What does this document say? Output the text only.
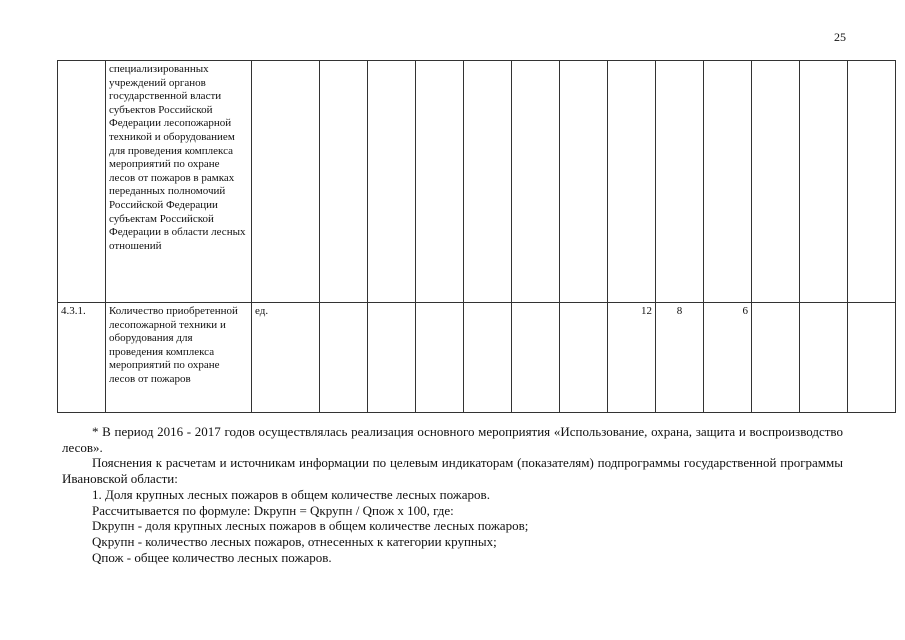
25
	специализированных учреждений органов государственной власти субъектов Российской Федерации лесопожарной техникой и оборудованием для проведения комплекса мероприятий по охране лесов от пожаров в рамках переданных полномочий Российской Федерации субъектам Российской Федерации в области лесных отношений													
4.3.1.	Количество приобретенной лесопожарной техники и оборудования для проведения комплекса мероприятий по охране лесов от пожаров	ед.							12	8	6			

* В период 2016 - 2017 годов осуществлялась реализация основного мероприятия «Использование, охрана, защита и воспроизводство лесов».

Пояснения к расчетам и источникам информации по целевым индикаторам (показателям) подпрограммы государственной программы Ивановской области:

1. Доля крупных лесных пожаров в общем количестве лесных пожаров.

Рассчитывается по формуле: Dкрупн = Qкрупн / Qпож x 100, где:

Dкрупн - доля крупных лесных пожаров в общем количестве лесных пожаров;

Qкрупн - количество лесных пожаров, отнесенных к категории крупных;

Qпож - общее количество лесных пожаров.
